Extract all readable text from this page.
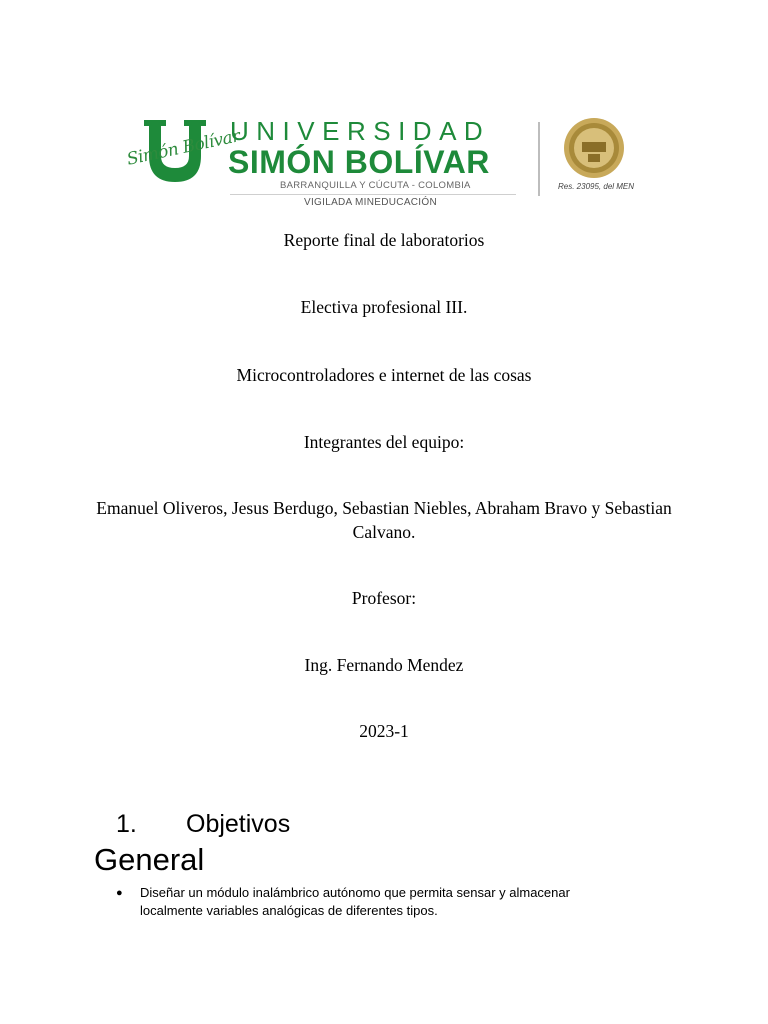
Simón Bolívar
UNIVERSIDAD
SIMÓN BOLÍVAR
BARRANQUILLA Y CÚCUTA - COLOMBIA
VIGILADA MINEDUCACIÓN
Res. 23095, del MEN
Reporte final de laboratorios
Electiva profesional III.
Microcontroladores e internet de las cosas
Integrantes del equipo:
Emanuel Oliveros, Jesus Berdugo, Sebastian Niebles, Abraham Bravo y Sebastian Calvano.
Profesor:
Ing. Fernando Mendez
2023-1
1. Objetivos
General
● Diseñar un módulo inalámbrico autónomo que permita sensar y almacenar localmente variables analógicas de diferentes tipos.
